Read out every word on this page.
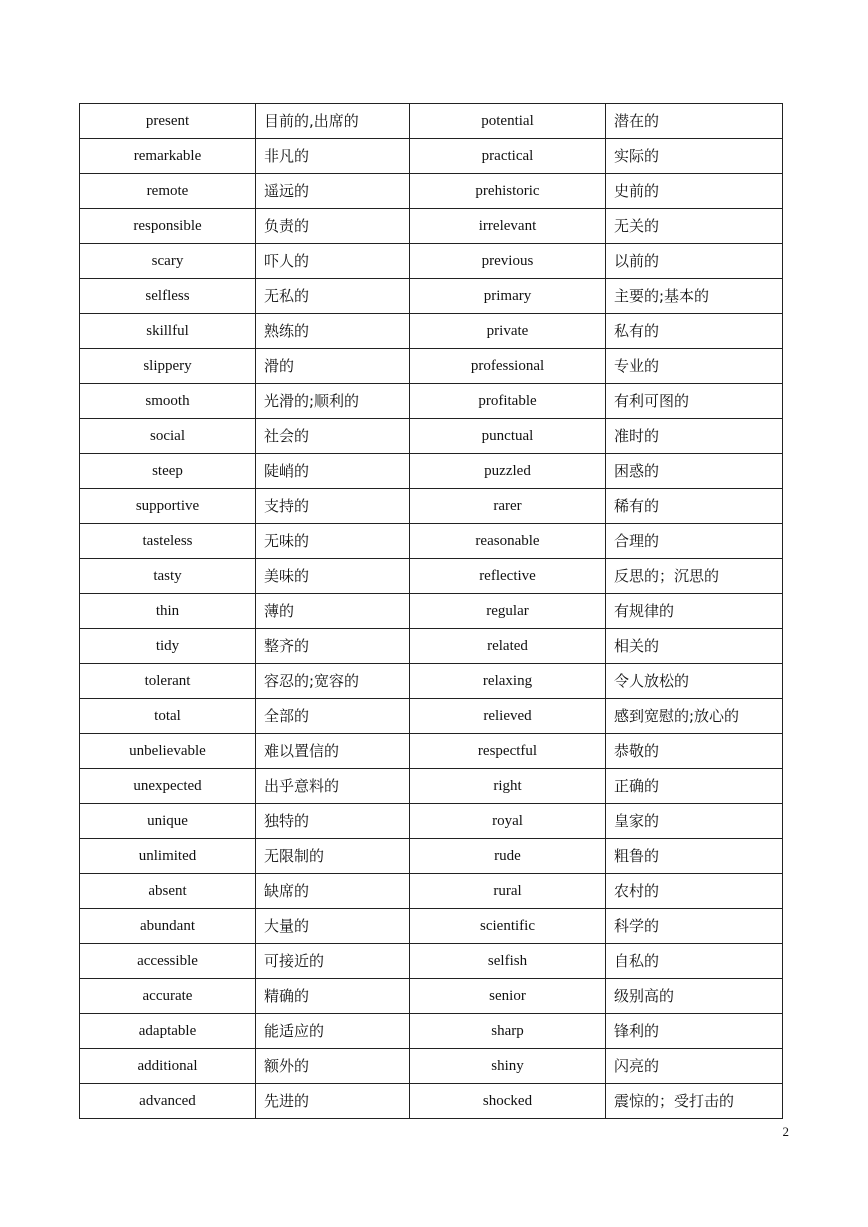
present	目前的,出席的	potential	潜在的
remarkable	非凡的	practical	实际的
remote	遥远的	prehistoric	史前的
responsible	负责的	irrelevant	无关的
scary	吓人的	previous	以前的
selfless	无私的	primary	主要的;基本的
skillful	熟练的	private	私有的
slippery	滑的	professional	专业的
smooth	光滑的;顺利的	profitable	有利可图的
social	社会的	punctual	准时的
steep	陡峭的	puzzled	困惑的
supportive	支持的	rarer	稀有的
tasteless	无味的	reasonable	合理的
tasty	美味的	reflective	反思的；沉思的
thin	薄的	regular	有规律的
tidy	整齐的	related	相关的
tolerant	容忍的;宽容的	relaxing	令人放松的
total	全部的	relieved	感到宽慰的;放心的
unbelievable	难以置信的	respectful	恭敬的
unexpected	出乎意料的	right	正确的
unique	独特的	royal	皇家的
unlimited	无限制的	rude	粗鲁的
absent	缺席的	rural	农村的
abundant	大量的	scientific	科学的
accessible	可接近的	selfish	自私的
accurate	精确的	senior	级别高的
adaptable	能适应的	sharp	锋利的
additional	额外的	shiny	闪亮的
advanced	先进的	shocked	震惊的；受打击的
2
